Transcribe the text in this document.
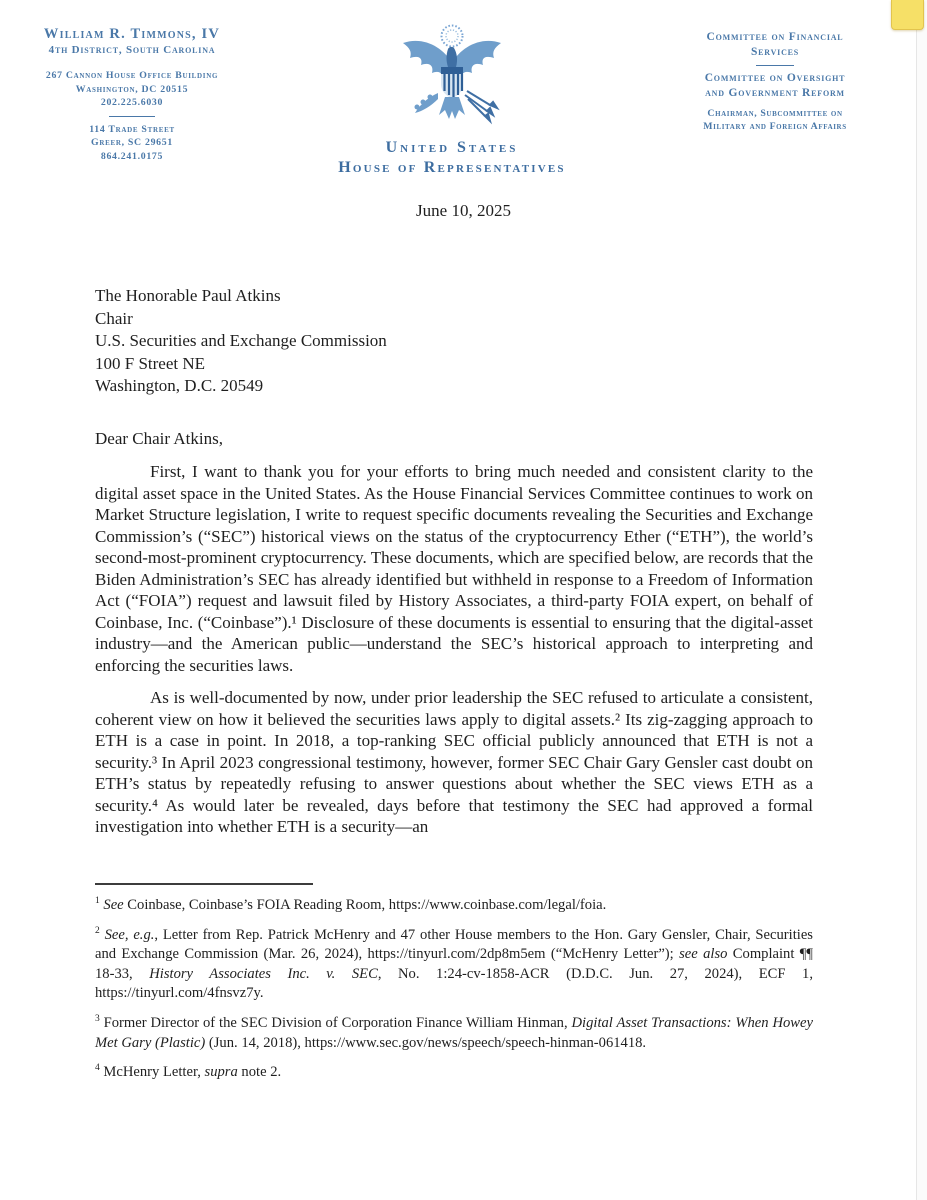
William R. Timmons, IV
4th District, South Carolina
267 Cannon House Office Building
Washington, DC 20515
202.225.6030
114 Trade Street
Greer, SC 29651
864.241.0175	United States
House of Representatives
Committee on Financial
Services
Committee on Oversight
and Government Reform
Chairman, Subcommittee on
Military and Foreign Affairs
June 10, 2025
The Honorable Paul Atkins
Chair
U.S. Securities and Exchange Commission
100 F Street NE
Washington, D.C. 20549
Dear Chair Atkins,

First, I want to thank you for your efforts to bring much needed and consistent clarity to the digital asset space in the United States. As the House Financial Services Committee continues to work on Market Structure legislation, I write to request specific documents revealing the Securities and Exchange Commission’s (“SEC”) historical views on the status of the cryptocurrency Ether (“ETH”), the world’s second-most-prominent cryptocurrency. These documents, which are specified below, are records that the Biden Administration’s SEC has already identified but withheld in response to a Freedom of Information Act (“FOIA”) request and lawsuit filed by History Associates, a third-party FOIA expert, on behalf of Coinbase, Inc. (“Coinbase”).¹ Disclosure of these documents is essential to ensuring that the digital-asset industry—and the American public—understand the SEC’s historical approach to interpreting and enforcing the securities laws.

As is well-documented by now, under prior leadership the SEC refused to articulate a consistent, coherent view on how it believed the securities laws apply to digital assets.² Its zig-zagging approach to ETH is a case in point. In 2018, a top-ranking SEC official publicly announced that ETH is not a security.³ In April 2023 congressional testimony, however, former SEC Chair Gary Gensler cast doubt on ETH’s status by repeatedly refusing to answer questions about whether the SEC views ETH as a security.⁴ As would later be revealed, days before that testimony the SEC had approved a formal investigation into whether ETH is a security—an

$^1$ See Coinbase, Coinbase’s FOIA Reading Room, https://www.coinbase.com/legal/foia.

$^2$ See, e.g., Letter from Rep. Patrick McHenry and 47 other House members to the Hon. Gary Gensler, Chair, Securities and Exchange Commission (Mar. 26, 2024), https://tinyurl.com/2dp8m5em (“McHenry Letter”); see also Complaint ¶¶ 18-33, History Associates Inc. v. SEC, No. 1:24-cv-1858-ACR (D.D.C. Jun. 27, 2024), ECF 1, https://tinyurl.com/4fnsvz7y.

$^3$ Former Director of the SEC Division of Corporation Finance William Hinman, Digital Asset Transactions: When Howey Met Gary (Plastic) (Jun. 14, 2018), https://www.sec.gov/news/speech/speech-hinman-061418.

$^4$ McHenry Letter, supra note 2.
